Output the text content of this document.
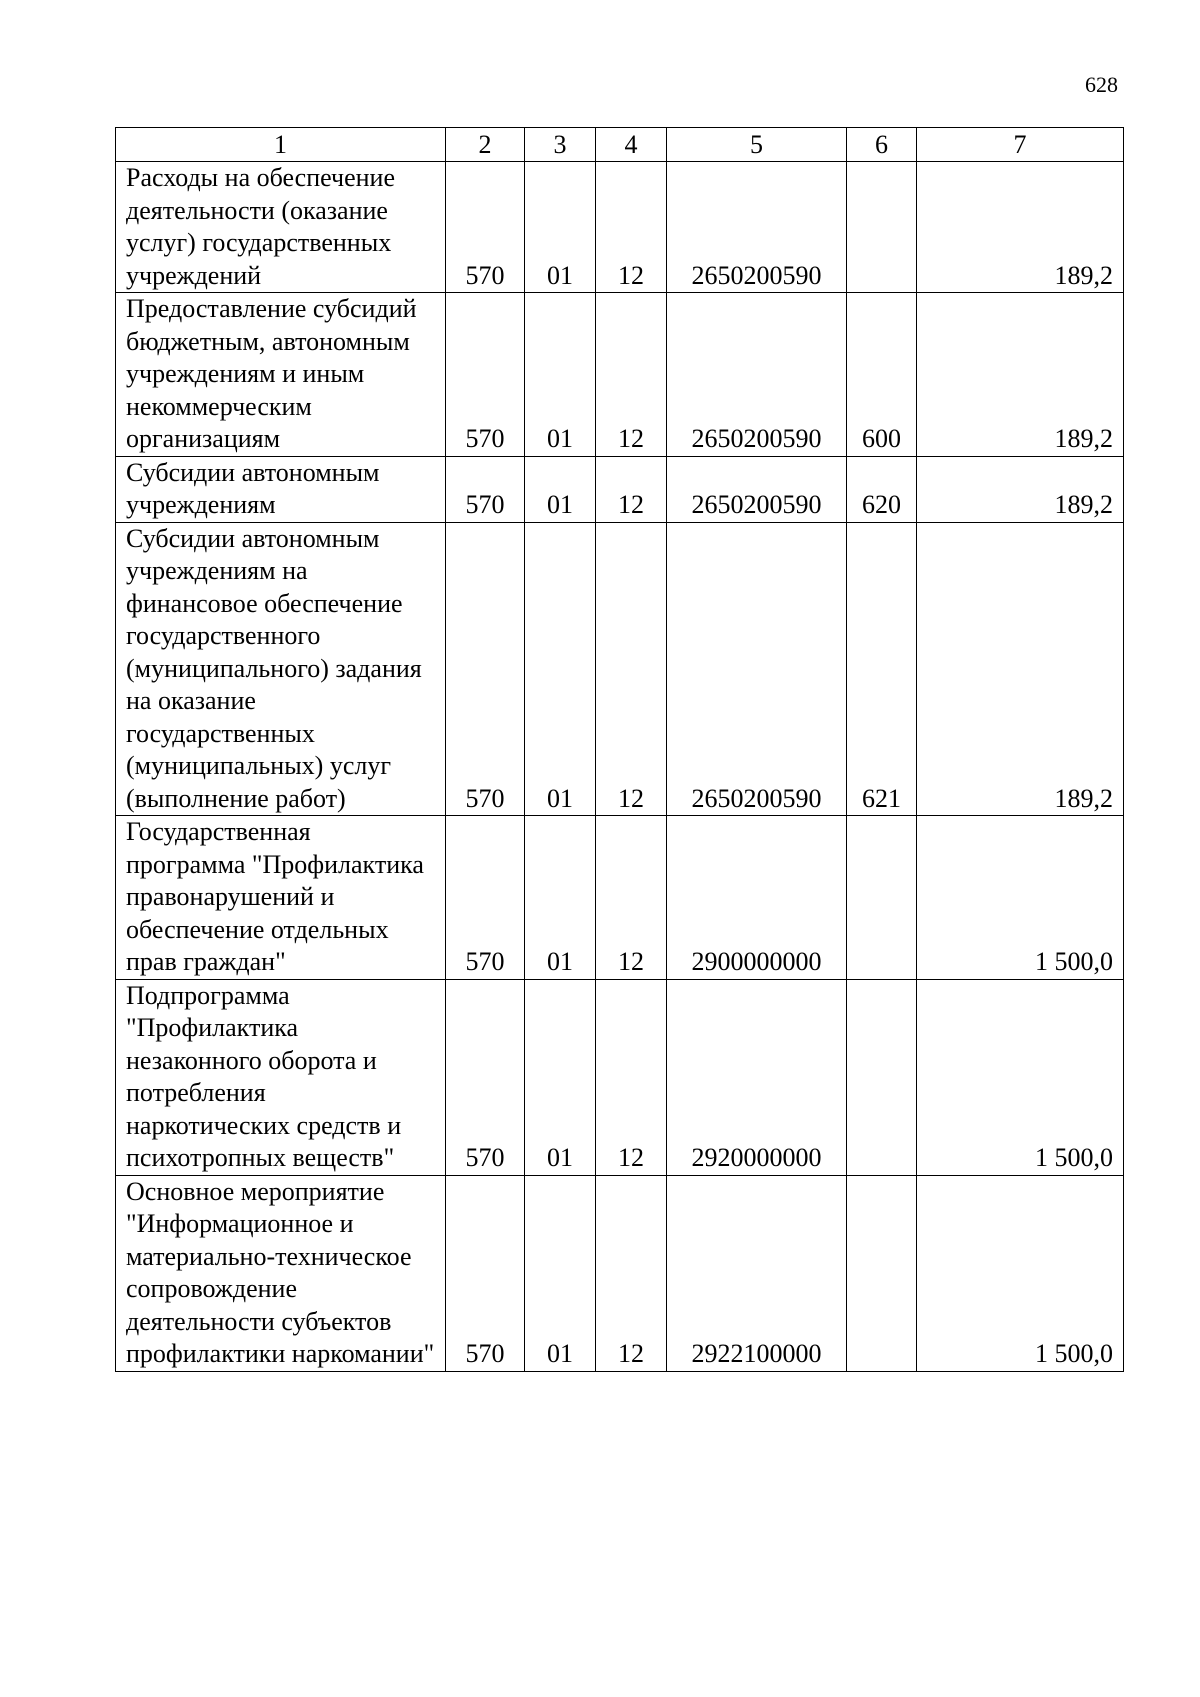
628
1	2	3	4	5	6	7
Расходы на обеспечение деятельности (оказание услуг) государственных учреждений	570	01	12	2650200590		189,2
Предоставление субсидий бюджетным, автономным учреждениям и иным некоммерческим организациям	570	01	12	2650200590	600	189,2
Субсидии автономным учреждениям	570	01	12	2650200590	620	189,2
Субсидии автономным учреждениям на финансовое обеспечение государственного (муниципального) задания на оказание государственных (муниципальных) услуг (выполнение работ)	570	01	12	2650200590	621	189,2
Государственная программа "Профилактика правонарушений и обеспечение отдельных прав граждан"	570	01	12	2900000000		1 500,0
Подпрограмма "Профилактика незаконного оборота и потребления наркотических средств и психотропных веществ"	570	01	12	2920000000		1 500,0
Основное мероприятие "Информационное и материально-техническое сопровождение деятельности субъектов профилактики наркомании"	570	01	12	2922100000		1 500,0
